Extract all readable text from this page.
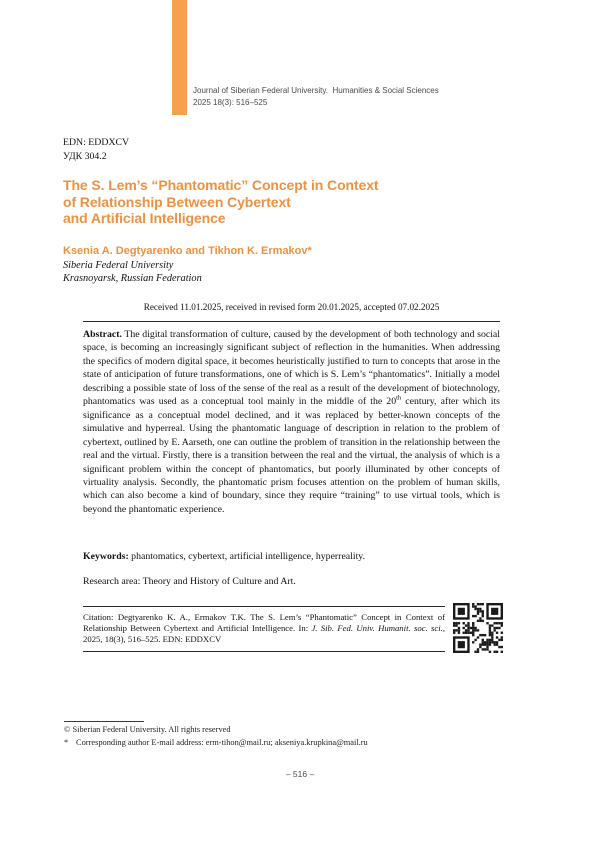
Journal of Siberian Federal University.  Humanities & Social Sciences
2025 18(3): 516–525
EDN: EDDXCV
УДК 304.2
The S. Lem’s “Phantomatic” Concept in Context
of Relationship Between Cybertext
and Artificial Intelligence
Ksenia A. Degtyarenko and Tikhon K. Ermakov*
Siberia Federal University
Krasnoyarsk, Russian Federation
Received 11.01.2025, received in revised form 20.01.2025, accepted 07.02.2025
Abstract. The digital transformation of culture, caused by the development of both technology and social space, is becoming an increasingly significant subject of reflection in the humanities. When addressing the specifics of modern digital space, it becomes heuristically justified to turn to concepts that arose in the state of anticipation of future transformations, one of which is S. Lem’s “phantomatics”. Initially a model describing a possible state of loss of the sense of the real as a result of the development of biotechnology, phantomatics was used as a conceptual tool mainly in the middle of the 20th century, after which its significance as a conceptual model declined, and it was replaced by better-known concepts of the simulative and hyperreal. Using the phantomatic language of description in relation to the problem of cybertext, outlined by E. Aarseth, one can outline the problem of transition in the relationship between the real and the virtual. Firstly, there is a transition between the real and the virtual, the analysis of which is a significant problem within the concept of phantomatics, but poorly illuminated by other concepts of virtuality analysis. Secondly, the phantomatic prism focuses attention on the problem of human skills, which can also become a kind of boundary, since they require “training” to use virtual tools, which is beyond the phantomatic experience.
Keywords: phantomatics, cybertext, artificial intelligence, hyperreality.
Research area: Theory and History of Culture and Art.
Citation: Degtyarenko K. A., Ermakov T.K. The S. Lem’s “Phantomatic” Concept in Context of Relationship Between Cybertext and Artificial Intelligence. In: J. Sib. Fed. Univ. Humanit. soc. sci., 2025, 18(3), 516–525. EDN: EDDXCV
© Siberian Federal University. All rights reserved
* Corresponding author E-mail address: erm-tihon@mail.ru; akseniya.krupkina@mail.ru
– 516 –
